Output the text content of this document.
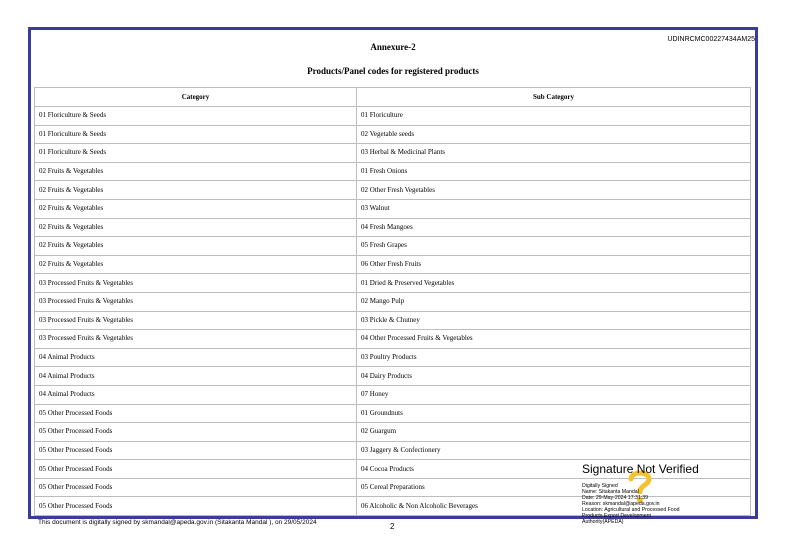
UDINRCMC00227434AM25
Annexure-2
Products/Panel codes for registered products
Category	Sub Category
01 Floriculture & Seeds	01 Floriculture
01 Floriculture & Seeds	02 Vegetable seeds
01 Floriculture & Seeds	03 Herbal & Medicinal Plants
02 Fruits & Vegetables	01 Fresh Onions
02 Fruits & Vegetables	02 Other Fresh Vegetables
02 Fruits & Vegetables	03 Walnut
02 Fruits & Vegetables	04 Fresh Mangoes
02 Fruits & Vegetables	05 Fresh Grapes
02 Fruits & Vegetables	06 Other Fresh Fruits
03 Processed Fruits & Vegetables	01 Dried & Preserved Vegetables
03 Processed Fruits & Vegetables	02 Mango Pulp
03 Processed Fruits & Vegetables	03 Pickle & Chutney
03 Processed Fruits & Vegetables	04 Other Processed Fruits & Vegetables
04 Animal Products	03 Poultry Products
04 Animal Products	04 Dairy Products
04 Animal Products	07 Honey
05 Other Processed Foods	01 Groundnuts
05 Other Processed Foods	02 Guargum
05 Other Processed Foods	03 Jaggery & Confectionery
05 Other Processed Foods	04 Cocoa Products
05 Other Processed Foods	05 Cereal Preparations
05 Other Processed Foods	06 Alcoholic & Non Alcoholic Beverages
This document is digitally signed by skmandal@apeda.gov.in (Sitakanta Mandal ), on 29/05/2024	2
Signature Not Verified
Digitally Signed
Name: Sitakanta Mandal
Date: 29-May-2024 17:31:39
Reason: skmandal@apeda.gov.in
Location: Agricultural and Processed Food
Products Export Development
Authority(APEDA)
